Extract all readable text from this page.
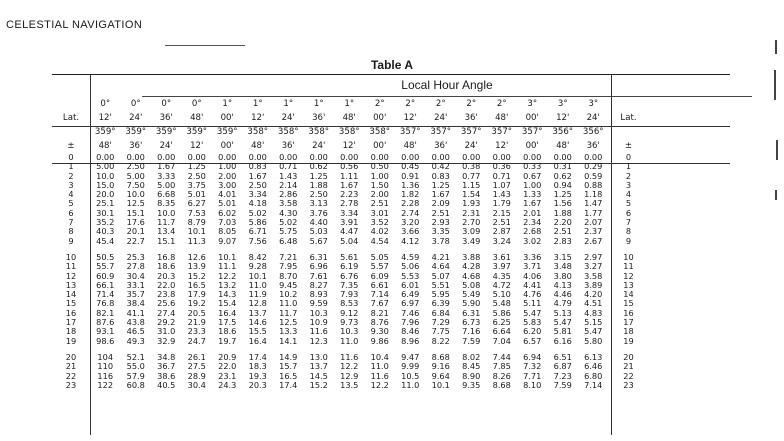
CELESTIAL NAVIGATION
Table A
Local Hour Angle
	0°	0°	0°	0°	1°	1°	1°	1°	1°	2°	2°	2°	2°	2°	3°	3°	3°	
Lat.	12'	24'	36'	48'	00'	12'	24'	36'	48'	00'	12'	24'	36'	48'	00'	12'	24'	Lat.
	359°	359°	359°	359°	359°	358°	358°	358°	358°	358°	357°	357°	357°	357°	357°	356°	356°	
±	48'	36'	24'	12'	00'	48'	36'	24'	12'	00'	48'	36'	24'	12'	00'	48'	36'	±
0	0.00	0.00	0.00	0.00	0.00	0.00	0.00	0.00	0.00	0.00	0.00	0.00	0.00	0.00	0.00	0.00	0.00	0
1	5.00	2.50	1.67	1.25	1.00	0.83	0.71	0.62	0.56	0.50	0.45	0.42	0.38	0.36	0.33	0.31	0.29	1
2	10.0	5.00	3.33	2.50	2.00	1.67	1.43	1.25	1.11	1.00	0.91	0.83	0.77	0.71	0.67	0.62	0.59	2
3	15.0	7.50	5.00	3.75	3.00	2.50	2.14	1.88	1.67	1.50	1.36	1.25	1.15	1.07	1.00	0.94	0.88	3
4	20.0	10.0	6.68	5.01	4.01	3.34	2.86	2.50	2.23	2.00	1.82	1.67	1.54	1.43	1.33	1.25	1.18	4
5	25.1	12.5	8.35	6.27	5.01	4.18	3.58	3.13	2.78	2.51	2.28	2.09	1.93	1.79	1.67	1.56	1.47	5
6	30.1	15.1	10.0	7.53	6.02	5.02	4.30	3.76	3.34	3.01	2.74	2.51	2.31	2.15	2.01	1.88	1.77	6
7	35.2	17.6	11.7	8.79	7.03	5.86	5.02	4.40	3.91	3.52	3.20	2.93	2.70	2.51	2.34	2.20	2.07	7
8	40.3	20.1	13.4	10.1	8.05	6.71	5.75	5.03	4.47	4.02	3.66	3.35	3.09	2.87	2.68	2.51	2.37	8
9	45.4	22.7	15.1	11.3	9.07	7.56	6.48	5.67	5.04	4.54	4.12	3.78	3.49	3.24	3.02	2.83	2.67	9

10	50.5	25.3	16.8	12.6	10.1	8.42	7.21	6.31	5.61	5.05	4.59	4.21	3.88	3.61	3.36	3.15	2.97	10
11	55.7	27.8	18.6	13.9	11.1	9.28	7.95	6.96	6.19	5.57	5.06	4.64	4.28	3.97	3.71	3.48	3.27	11
12	60.9	30.4	20.3	15.2	12.2	10.1	8.70	7.61	6.76	6.09	5.53	5.07	4.68	4.35	4.06	3.80	3.58	12
13	66.1	33.1	22.0	16.5	13.2	11.0	9.45	8.27	7.35	6.61	6.01	5.51	5.08	4.72	4.41	4.13	3.89	13
14	71.4	35.7	23.8	17.9	14.3	11.9	10.2	8.93	7.93	7.14	6.49	5.95	5.49	5.10	4.76	4.46	4.20	14
15	76.8	38.4	25.6	19.2	15.4	12.8	11.0	9.59	8.53	7.67	6.97	6.39	5.90	5.48	5.11	4.79	4.51	15
16	82.1	41.1	27.4	20.5	16.4	13.7	11.7	10.3	9.12	8.21	7.46	6.84	6.31	5.86	5.47	5.13	4.83	16
17	87.6	43.8	29.2	21.9	17.5	14.6	12.5	10.9	9.73	8.76	7.96	7.29	6.73	6.25	5.83	5.47	5.15	17
18	93.1	46.5	31.0	23.3	18.6	15.5	13.3	11.6	10.3	9.30	8.46	7.75	7.16	6.64	6.20	5.81	5.47	18
19	98.6	49.3	32.9	24.7	19.7	16.4	14.1	12.3	11.0	9.86	8.96	8.22	7.59	7.04	6.57	6.16	5.80	19

20	104	52.1	34.8	26.1	20.9	17.4	14.9	13.0	11.6	10.4	9.47	8.68	8.02	7.44	6.94	6.51	6.13	20
21	110	55.0	36.7	27.5	22.0	18.3	15.7	13.7	12.2	11.0	9.99	9.16	8.45	7.85	7.32	6.87	6.46	21
22	116	57.9	38.6	28.9	23.1	19.3	16.5	14.5	12.9	11.6	10.5	9.64	8.90	8.26	7.71	7.23	6.80	22
23	122	60.8	40.5	30.4	24.3	20.3	17.4	15.2	13.5	12.2	11.0	10.1	9.35	8.68	8.10	7.59	7.14	23
